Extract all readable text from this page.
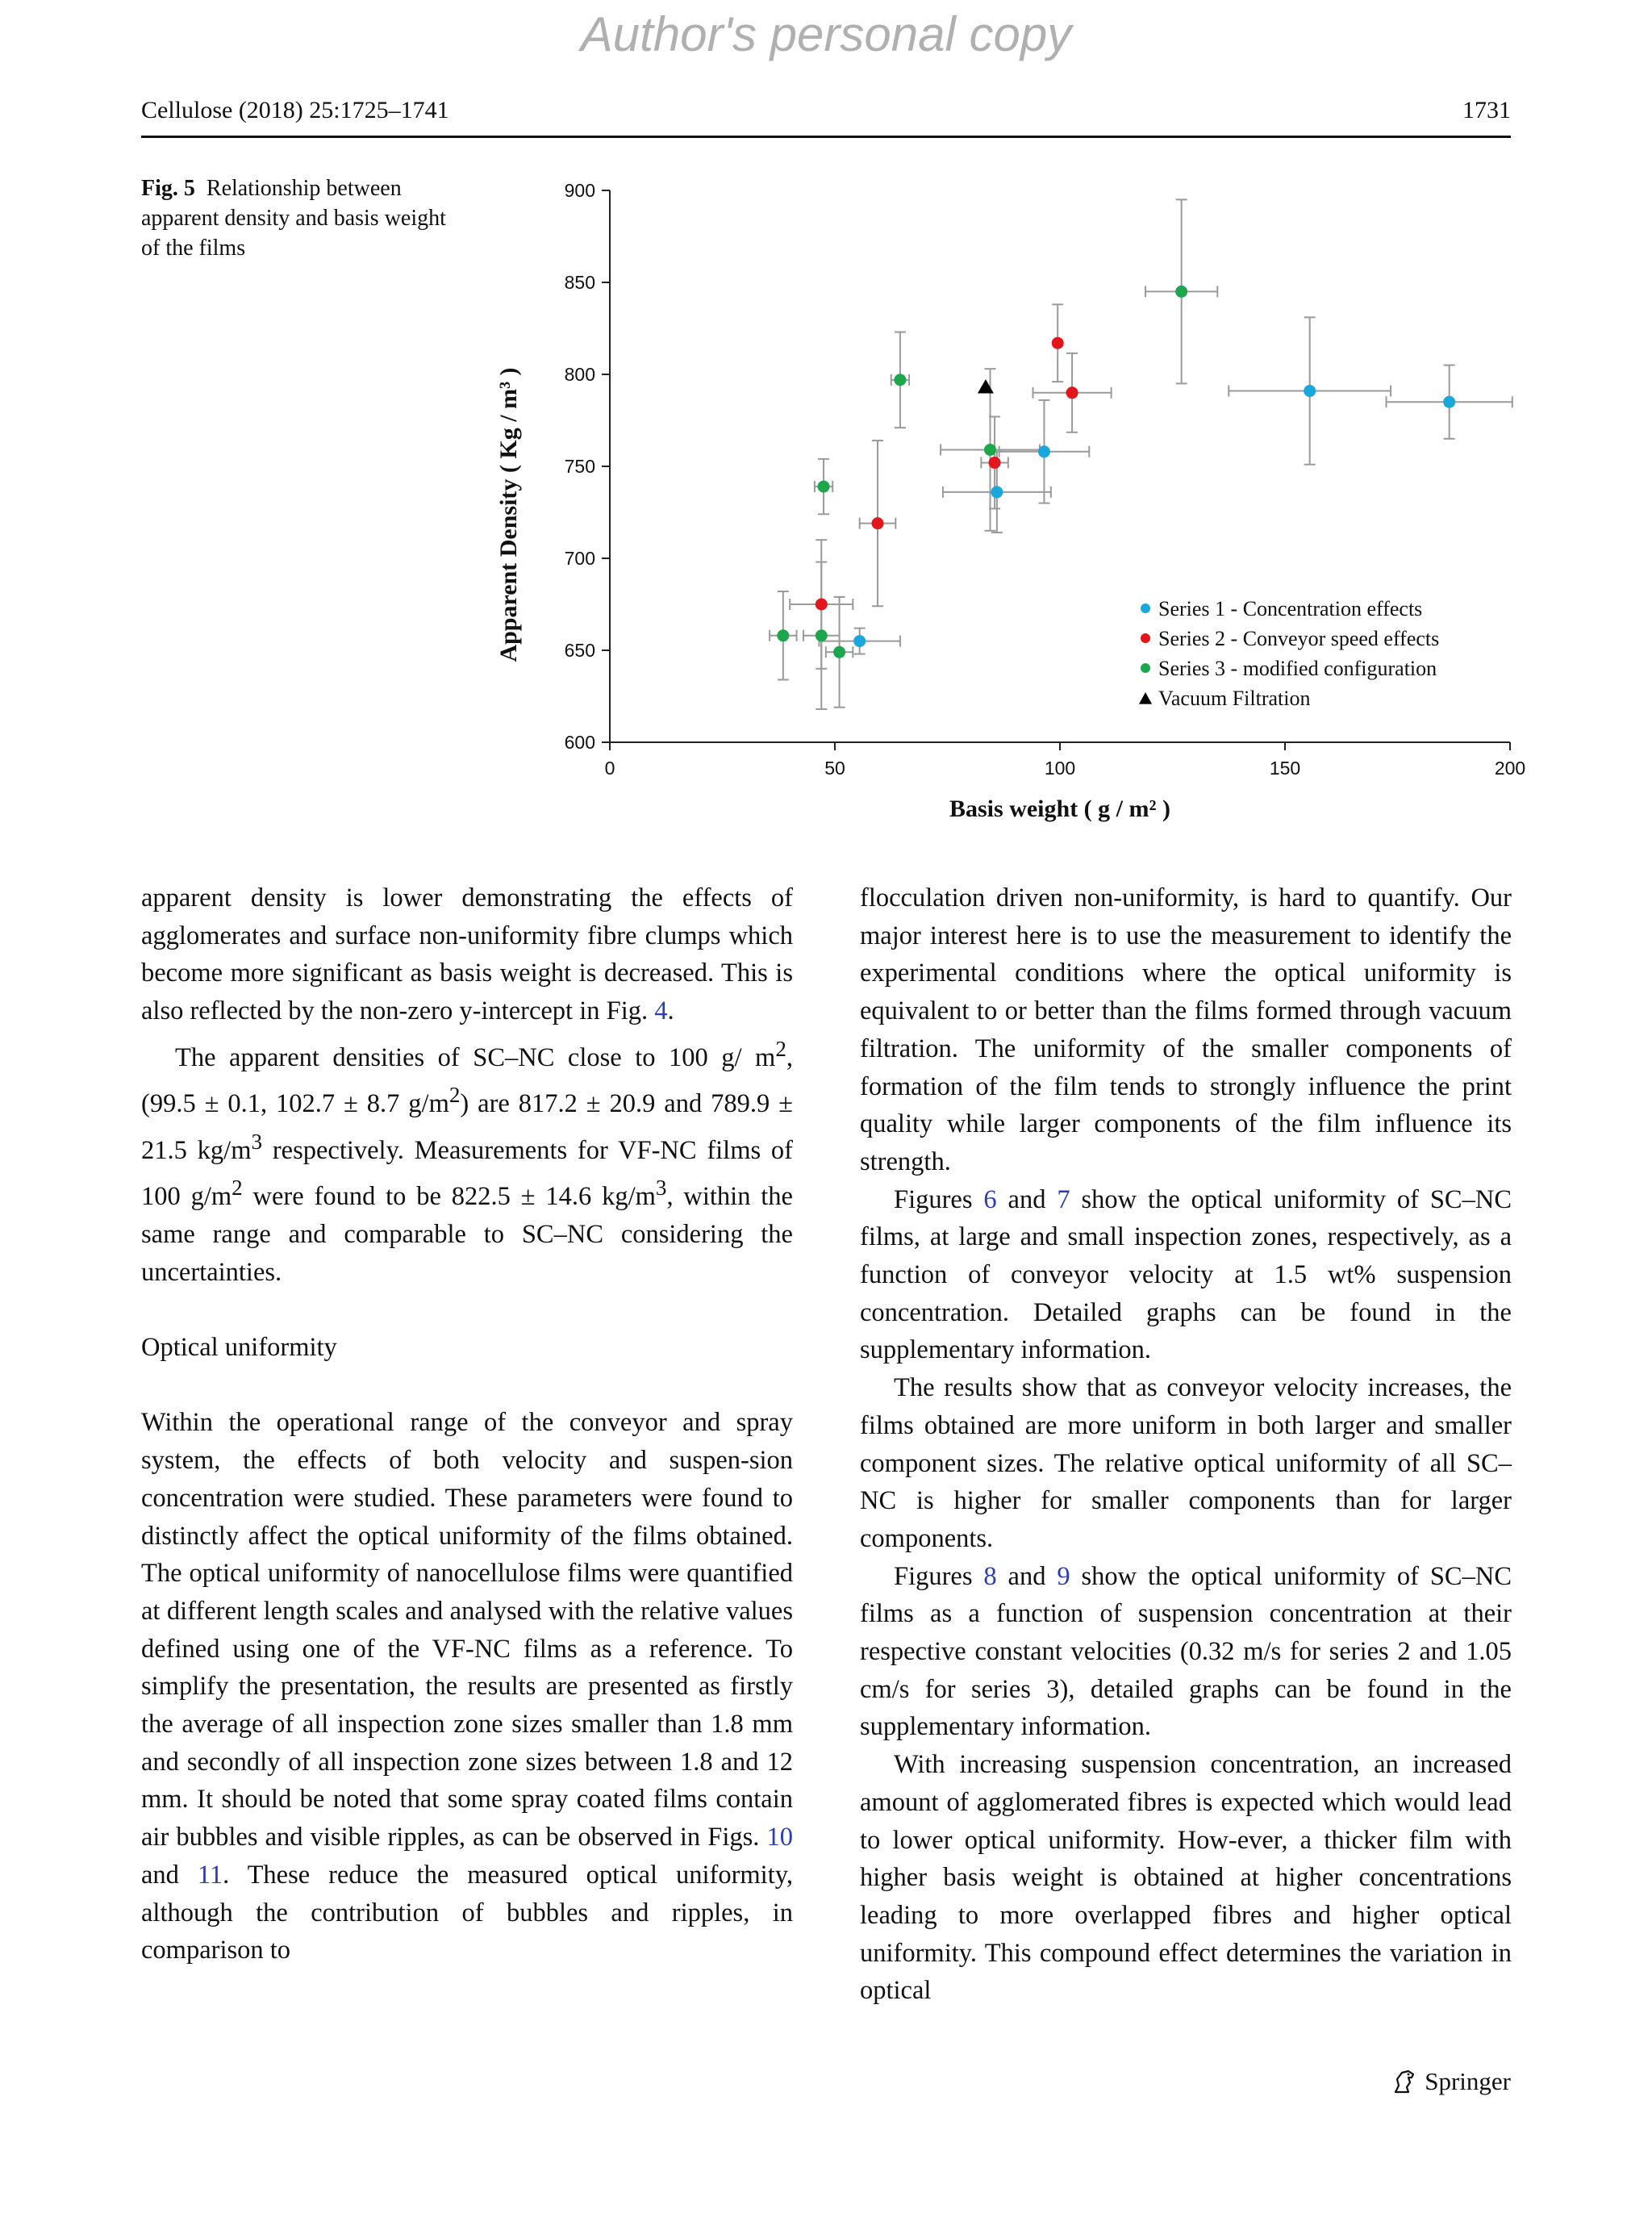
Author's personal copy
Cellulose (2018) 25:1725–1741	1731
Fig. 5 Relationship between apparent density and basis weight of the films
600
650
700
750
800
850
900
0	50	100	150	200
Series 1 - Concentration effects
Series 2 - Conveyor speed effects
Series 3 - modified configuration
Vacuum Filtration
Basis weight ( g / m² )
Apparent Density ( Kg / m³ )

apparent density is lower demonstrating the effects of agglomerates and surface non-uniformity fibre clumps which become more significant as basis weight is decreased. This is also reflected by the non-zero y-intercept in Fig. 4.

The apparent densities of SC–NC close to 100 g/ $m^2$, (99.5 ± 0.1, 102.7 ± 8.7 $g/m^2$) are 817.2 ± 20.9 and 789.9 ± 21.5 $kg/m^3$ respectively. Measurements for VF-NC films of 100 $g/m^2$ were found to be 822.5 ± 14.6 $kg/m^3$, within the same range and comparable to SC–NC considering the uncertainties.

Optical uniformity

Within the operational range of the conveyor and spray system, the effects of both velocity and suspen-sion concentration were studied. These parameters were found to distinctly affect the optical uniformity of the films obtained. The optical uniformity of nanocellulose films were quantified at different length scales and analysed with the relative values defined using one of the VF-NC films as a reference. To simplify the presentation, the results are presented as firstly the average of all inspection zone sizes smaller than 1.8 mm and secondly of all inspection zone sizes between 1.8 and 12 mm. It should be noted that some spray coated films contain air bubbles and visible ripples, as can be observed in Figs. 10 and 11. These reduce the measured optical uniformity, although the contribution of bubbles and ripples, in comparison to

flocculation driven non-uniformity, is hard to quantify. Our major interest here is to use the measurement to identify the experimental conditions where the optical uniformity is equivalent to or better than the films formed through vacuum filtration. The uniformity of the smaller components of formation of the film tends to strongly influence the print quality while larger components of the film influence its strength.

Figures 6 and 7 show the optical uniformity of SC–NC films, at large and small inspection zones, respectively, as a function of conveyor velocity at 1.5 wt% suspension concentration. Detailed graphs can be found in the supplementary information.

The results show that as conveyor velocity increases, the films obtained are more uniform in both larger and smaller component sizes. The relative optical uniformity of all SC–NC is higher for smaller components than for larger components.

Figures 8 and 9 show the optical uniformity of SC–NC films as a function of suspension concentration at their respective constant velocities (0.32 m/s for series 2 and 1.05 cm/s for series 3), detailed graphs can be found in the supplementary information.

With increasing suspension concentration, an increased amount of agglomerated fibres is expected which would lead to lower optical uniformity. How-ever, a thicker film with higher basis weight is obtained at higher concentrations leading to more overlapped fibres and higher optical uniformity. This compound effect determines the variation in optical

Springer
